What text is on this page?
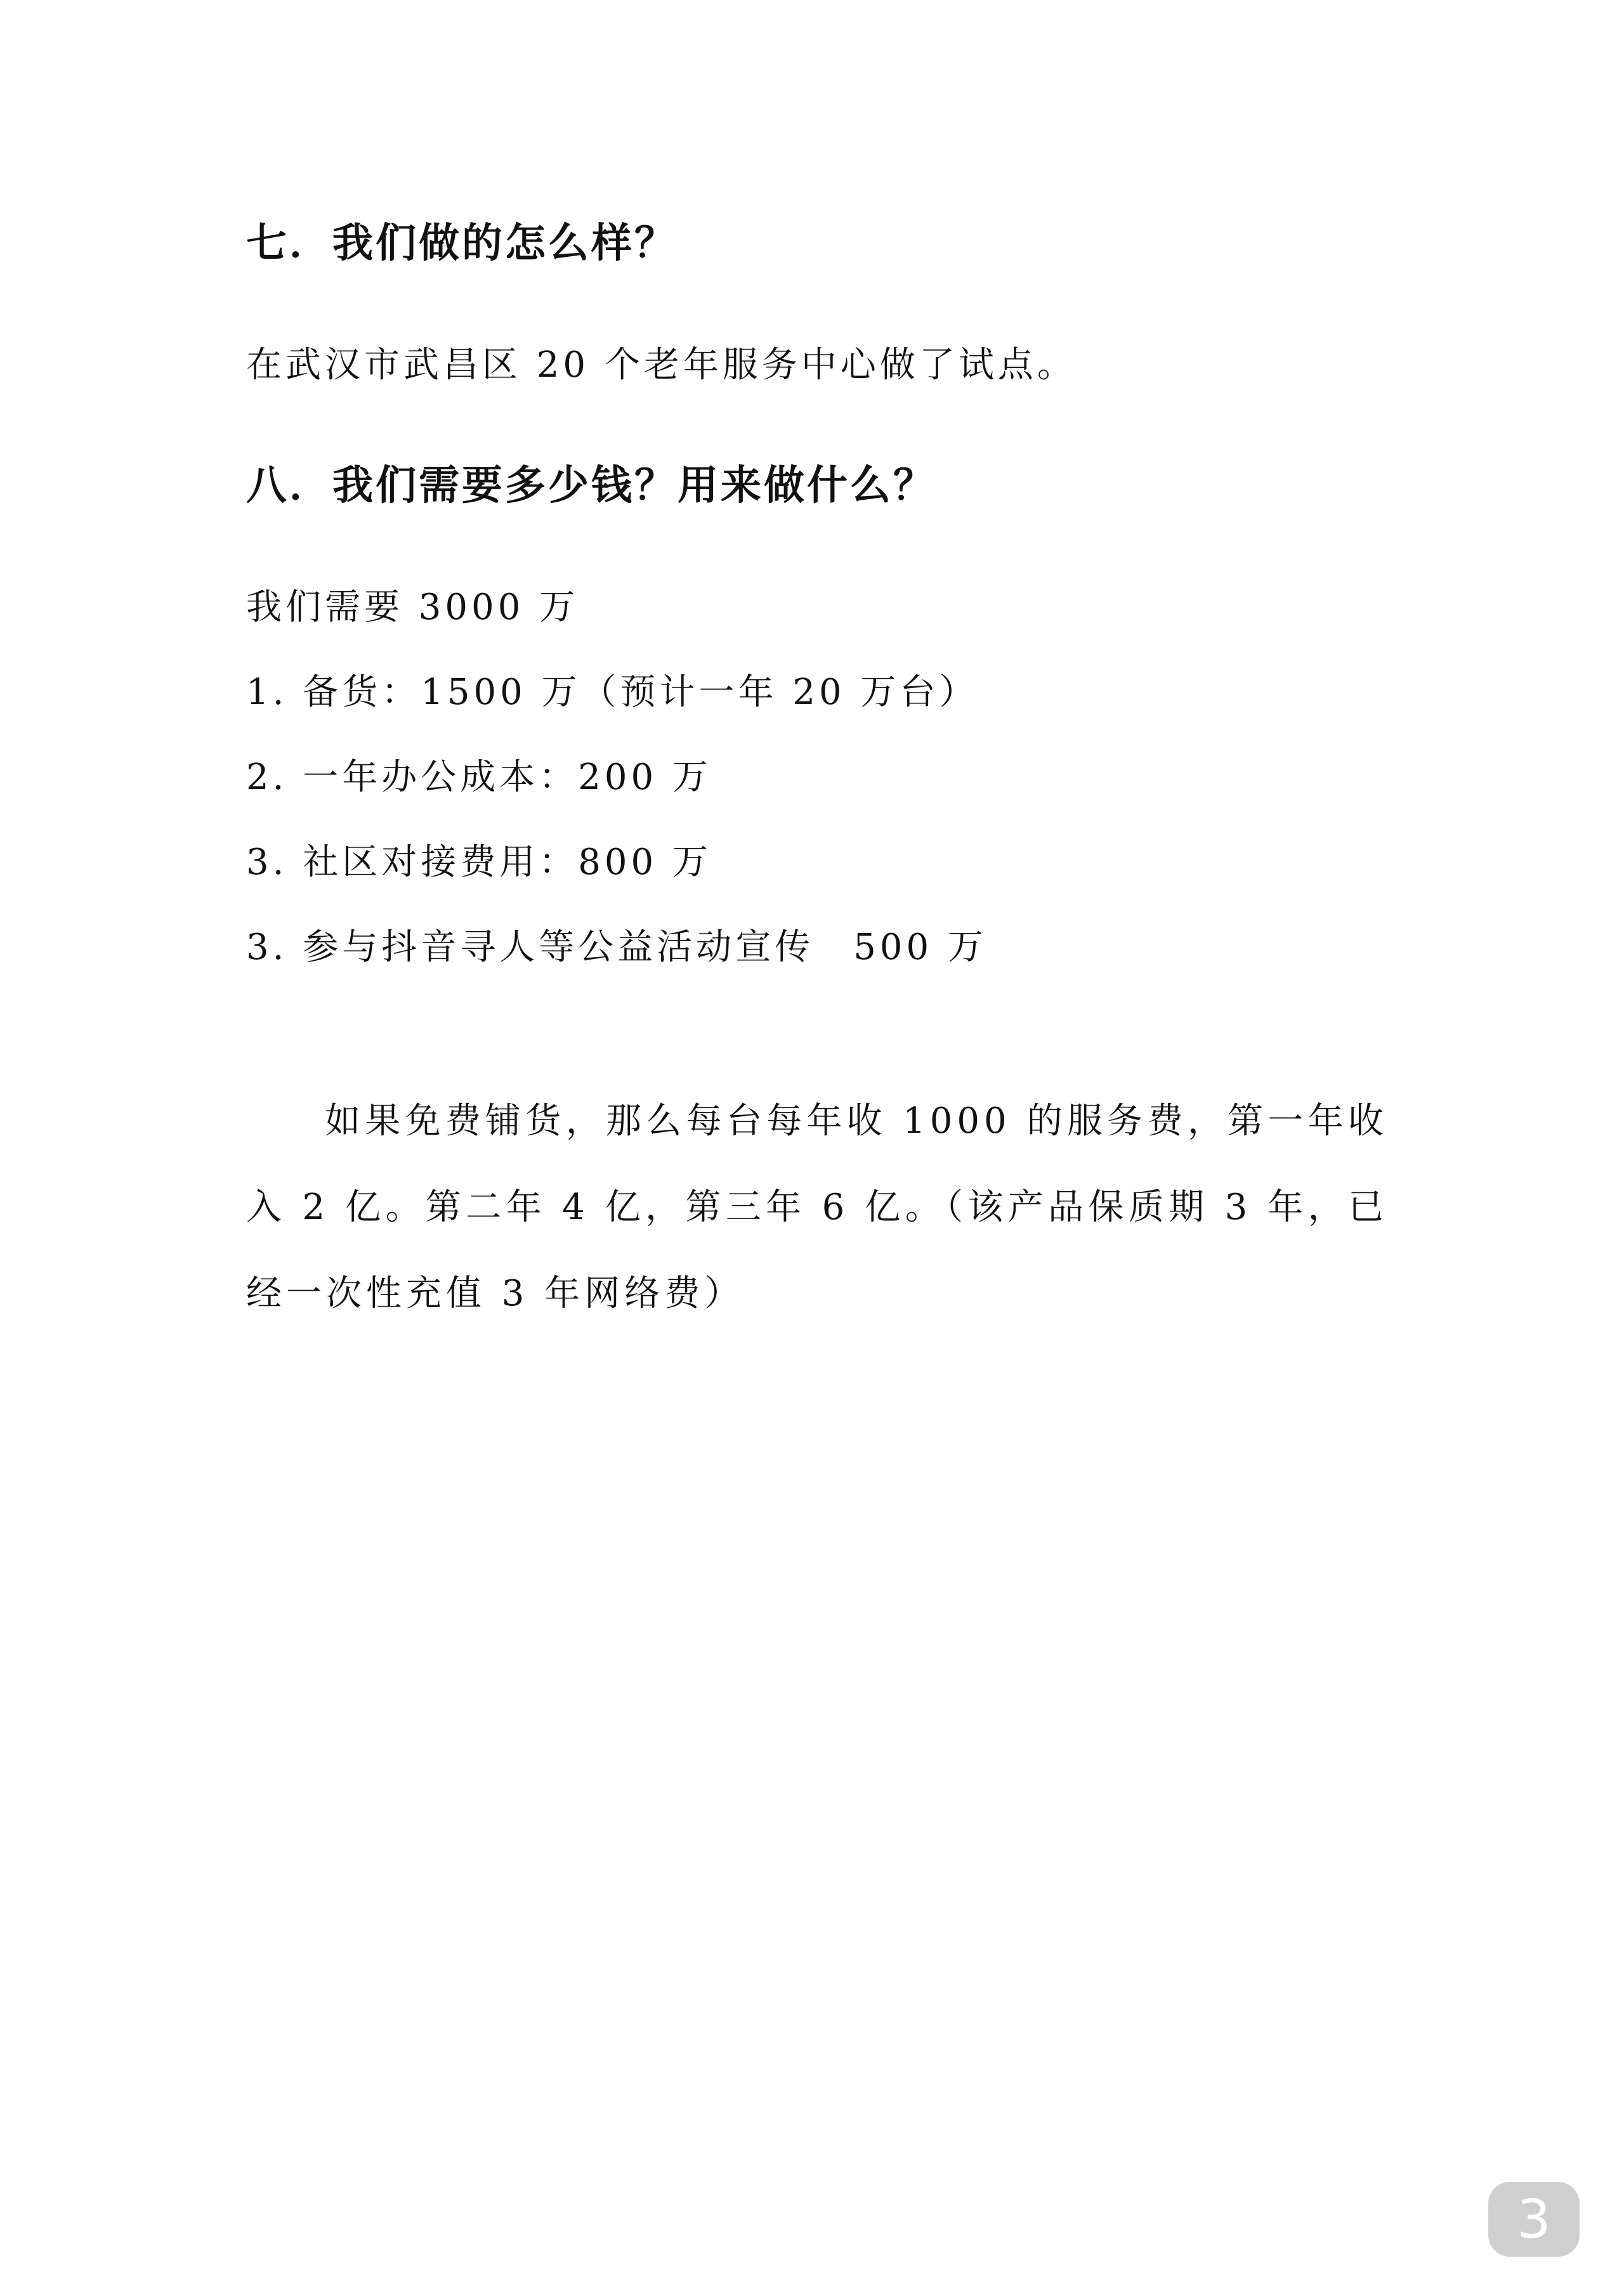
七．我们做的怎么样？
在武汉市武昌区 20 个老年服务中心做了试点。
八．我们需要多少钱？用来做什么？
我们需要 3000 万
1. 备货：1500 万（预计一年 20 万台）
2. 一年办公成本：200 万
3. 社区对接费用：800 万
3. 参与抖音寻人等公益活动宣传　500 万
如果免费铺货，那么每台每年收 1000 的服务费，第一年收入 2 亿。第二年 4 亿，第三年 6 亿。（该产品保质期 3 年，已经一次性充值 3 年网络费）
3
